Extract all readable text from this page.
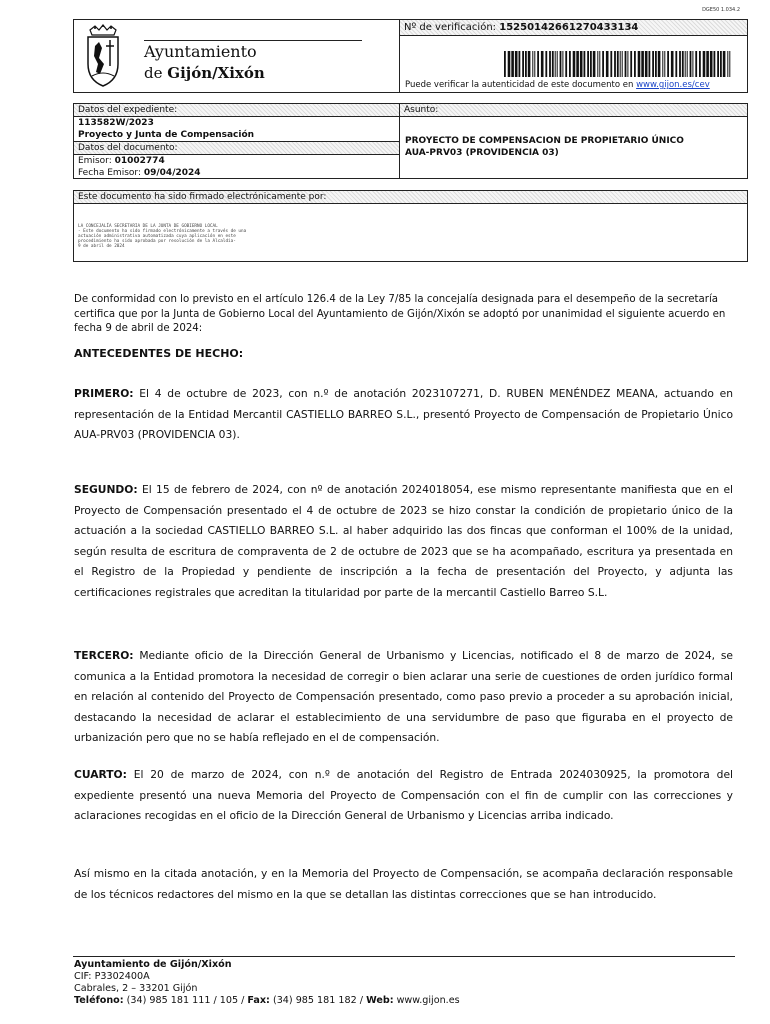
DGE50 1.034.2
Ayuntamiento
de Gijón/Xixón
Nº de verificación: 15250142661270433134
Puede verificar la autenticidad de este documento en www.gijon.es/cev
Datos del expediente:
113582W/2023
Proyecto y Junta de Compensación
Datos del documento:
Emisor: 01002774
Fecha Emisor: 09/04/2024
Asunto:
PROYECTO DE COMPENSACION DE PROPIETARIO ÚNICO
AUA-PRV03 (PROVIDENCIA 03)
Este documento ha sido firmado electrónicamente por:
LA CONCEJALÍA SECRETARIA DE LA JUNTA DE GOBIERNO LOCAL
- Este documento ha sido firmado electrónicamente a través de una
actuación administrativa automatizada cuya aplicación en este
procedimiento ha sido aprobada por resolución de la Alcaldía-
9 de abril de 2024
De conformidad con lo previsto en el artículo 126.4 de la Ley 7/85 la concejalía designada para el desempeño de la secretaría certifica que por la Junta de Gobierno Local del Ayuntamiento de Gijón/Xixón se adoptó por unanimidad el siguiente acuerdo en fecha 9 de abril de 2024:
ANTECEDENTES DE HECHO:
PRIMERO: El 4 de octubre de 2023, con n.º de anotación 2023107271, D. RUBEN MENÉNDEZ MEANA, actuando en representación de la Entidad Mercantil CASTIELLO BARREO S.L., presentó Proyecto de Compensación de Propietario Único AUA-PRV03 (PROVIDENCIA 03).
SEGUNDO: El 15 de febrero de 2024, con nº de anotación 2024018054, ese mismo representante manifiesta que en el Proyecto de Compensación presentado el 4 de octubre de 2023 se hizo constar la condición de propietario único de la actuación a la sociedad CASTIELLO BARREO S.L. al haber adquirido las dos fincas que conforman el 100% de la unidad, según resulta de escritura de compraventa de 2 de octubre de 2023 que se ha acompañado, escritura ya presentada en el Registro de la Propiedad y pendiente de inscripción a la fecha de presentación del Proyecto, y adjunta las certificaciones registrales que acreditan la titularidad por parte de la mercantil Castiello Barreo S.L.
TERCERO: Mediante oficio de la Dirección General de Urbanismo y Licencias, notificado el 8 de marzo de 2024, se comunica a la Entidad promotora la necesidad de corregir o bien aclarar una serie de cuestiones de orden jurídico formal en relación al contenido del Proyecto de Compensación presentado, como paso previo a proceder a su aprobación inicial, destacando la necesidad de aclarar el establecimiento de una servidumbre de paso que figuraba en el proyecto de urbanización pero que no se había reflejado en el de compensación.
CUARTO: El 20 de marzo de 2024, con n.º de anotación del Registro de Entrada 2024030925, la promotora del expediente presentó una nueva Memoria del Proyecto de Compensación con el fin de cumplir con las correcciones y aclaraciones recogidas en el oficio de la Dirección General de Urbanismo y Licencias arriba indicado.
Así mismo en la citada anotación, y en la Memoria del Proyecto de Compensación, se acompaña declaración responsable de los técnicos redactores del mismo en la que se detallan las distintas correcciones que se han introducido.
Ayuntamiento de Gijón/Xixón
CIF: P3302400A
Cabrales, 2 – 33201 Gijón
Teléfono: (34) 985 181 111 / 105 / Fax: (34) 985 181 182 / Web: www.gijon.es
